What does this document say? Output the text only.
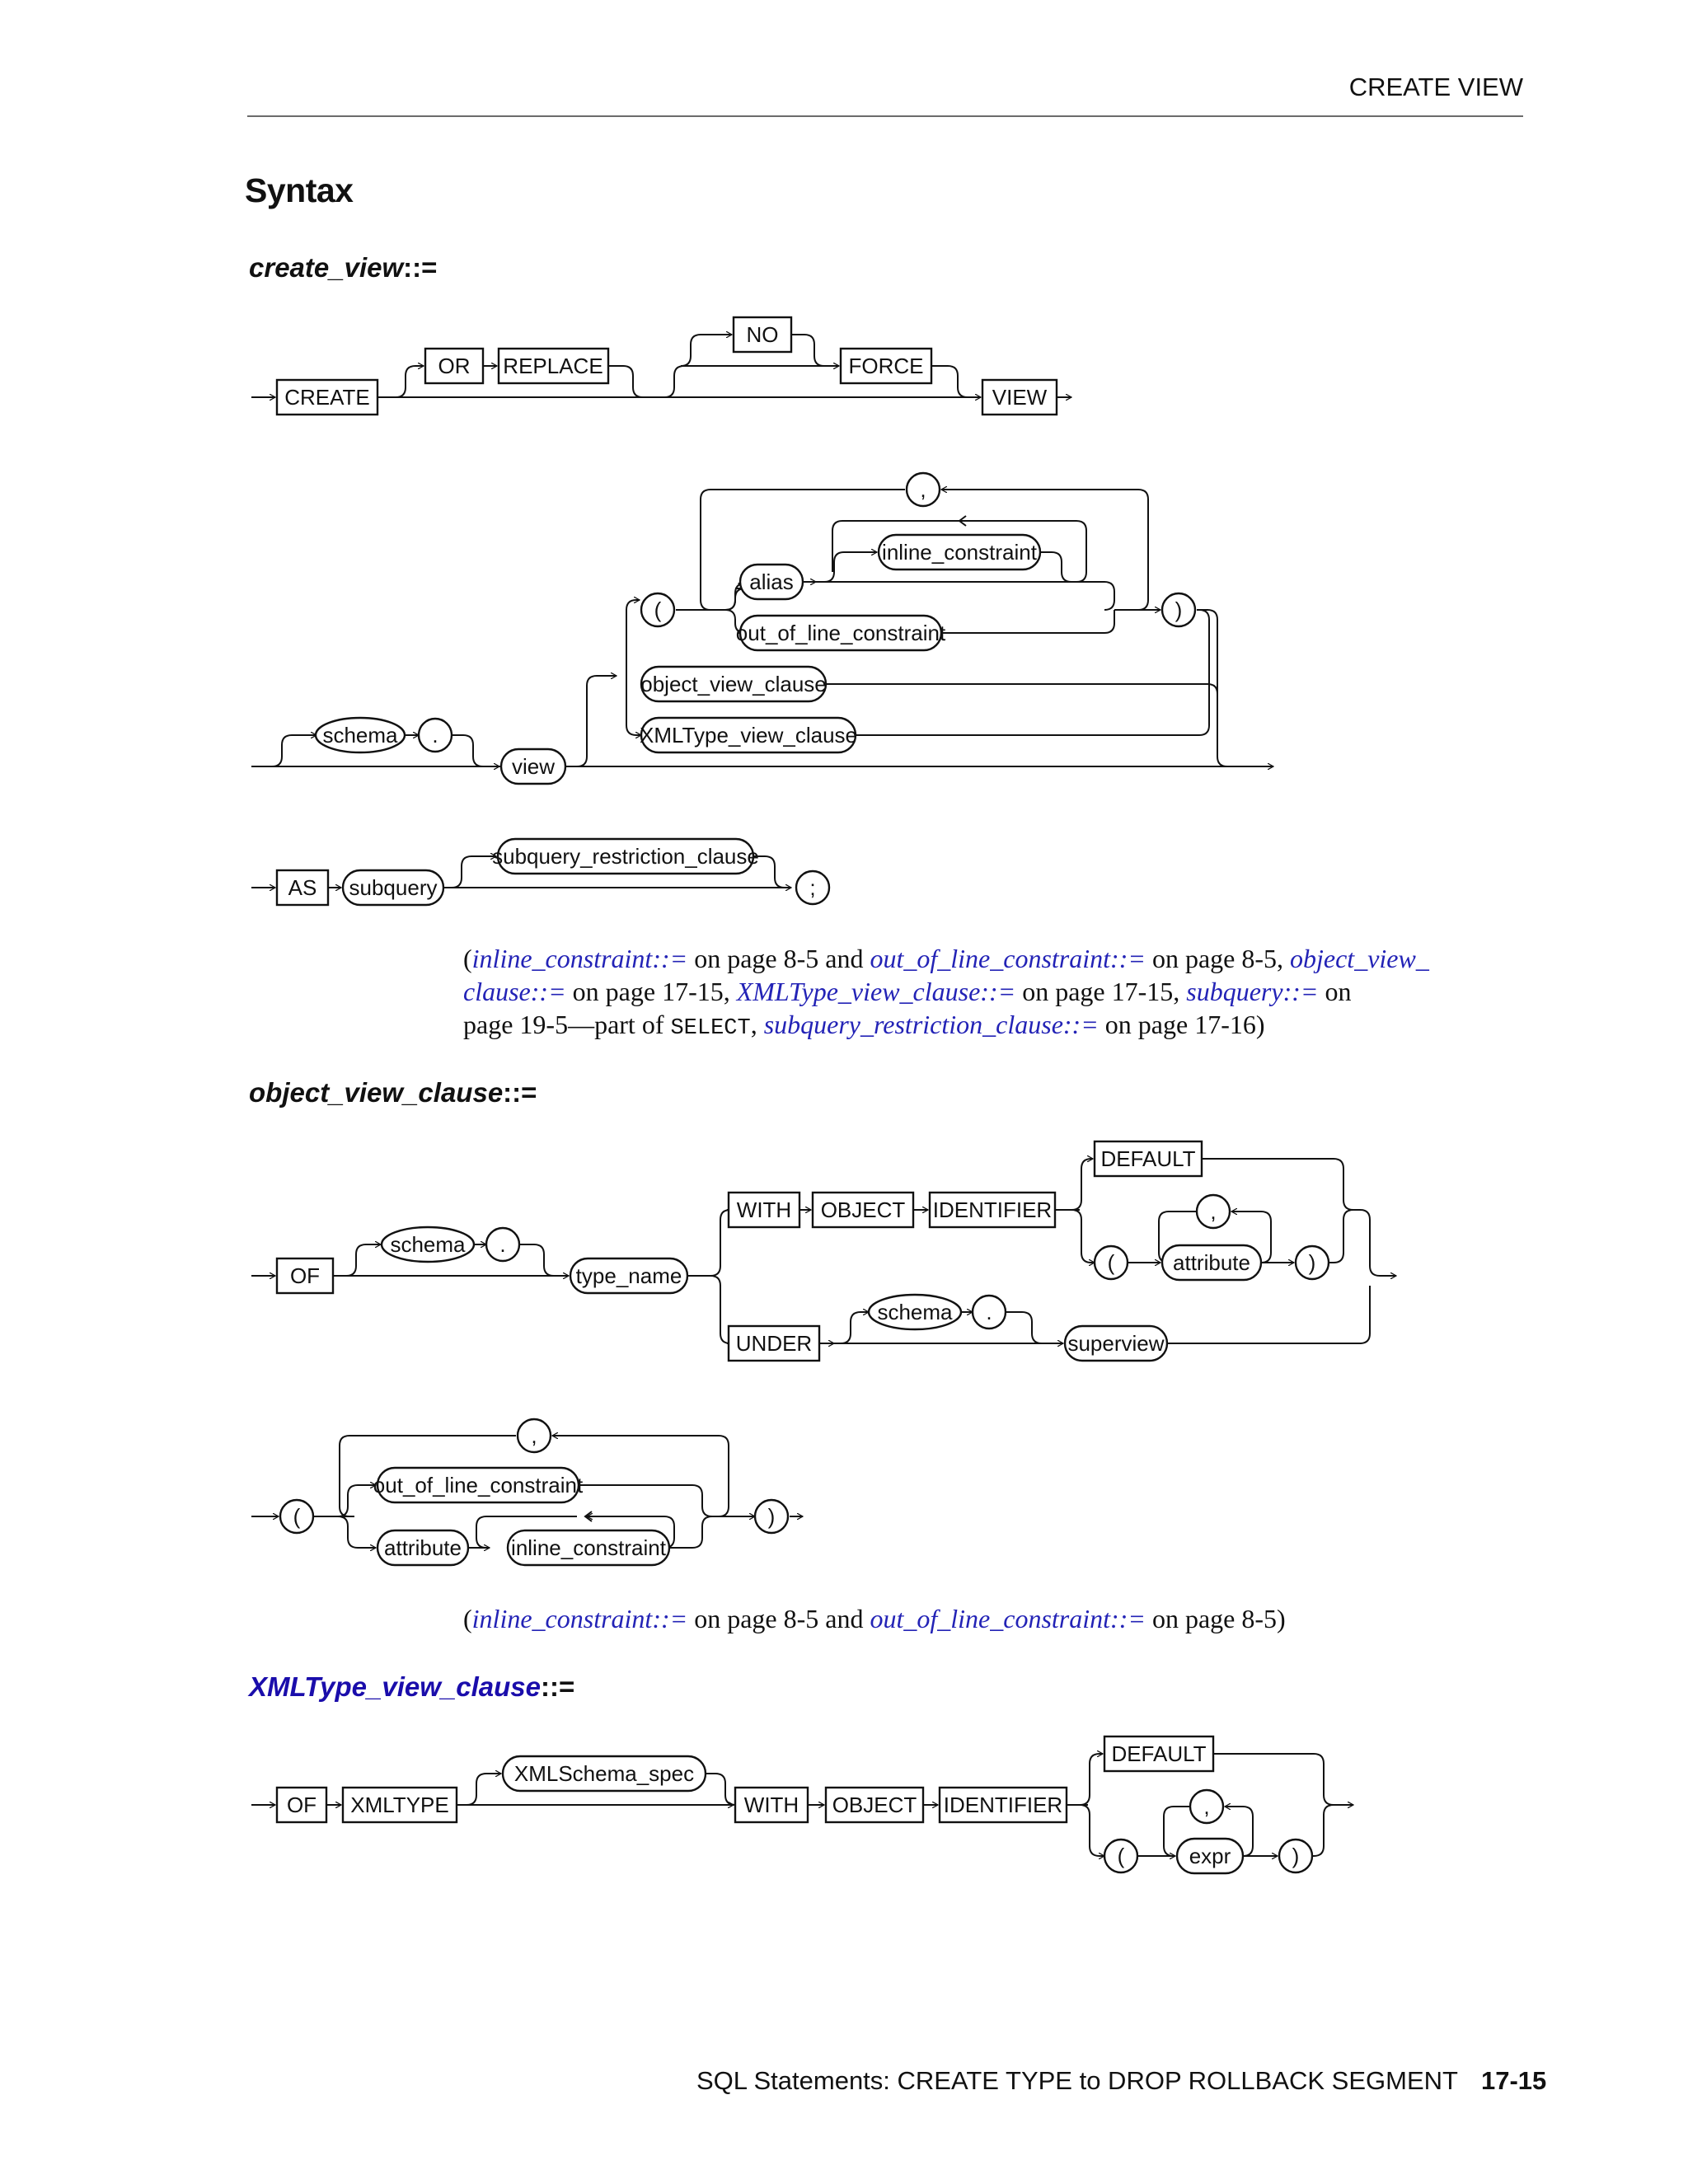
CREATE VIEW
Syntax
create_view::=
object_view_clause::=
XMLType_view_clause::=
(inline_constraint::= on page 8-5 and out_of_line_constraint::= on page 8-5, object_view_
clause::= on page 17-15, XMLType_view_clause::= on page 17-15, subquery::= on
page 19-5—part of SELECT, subquery_restriction_clause::= on page 17-16)
(inline_constraint::= on page 8-5 and out_of_line_constraint::= on page 8-5)
CREATE
OR REPLACE
NO
FORCE
VIEW
schema .
view
(
alias
inline_constraint
out_of_line_constraint
,
)
object_view_clause
XMLType_view_clause
AS subquery
subquery_restriction_clause
;
OF
schema .
type_name
WITH OBJECT IDENTIFIER
DEFAULT
(
,
attribute	)
UNDER
schema .
superview
(
,
out_of_line_constraint
attribute inline_constraint
)
OF XMLTYPE
XMLSchema_spec
WITH OBJECT IDENTIFIER
DEFAULT
(
,
expr	)
SQL Statements: CREATE TYPE to DROP ROLLBACK SEGMENT 17-15
